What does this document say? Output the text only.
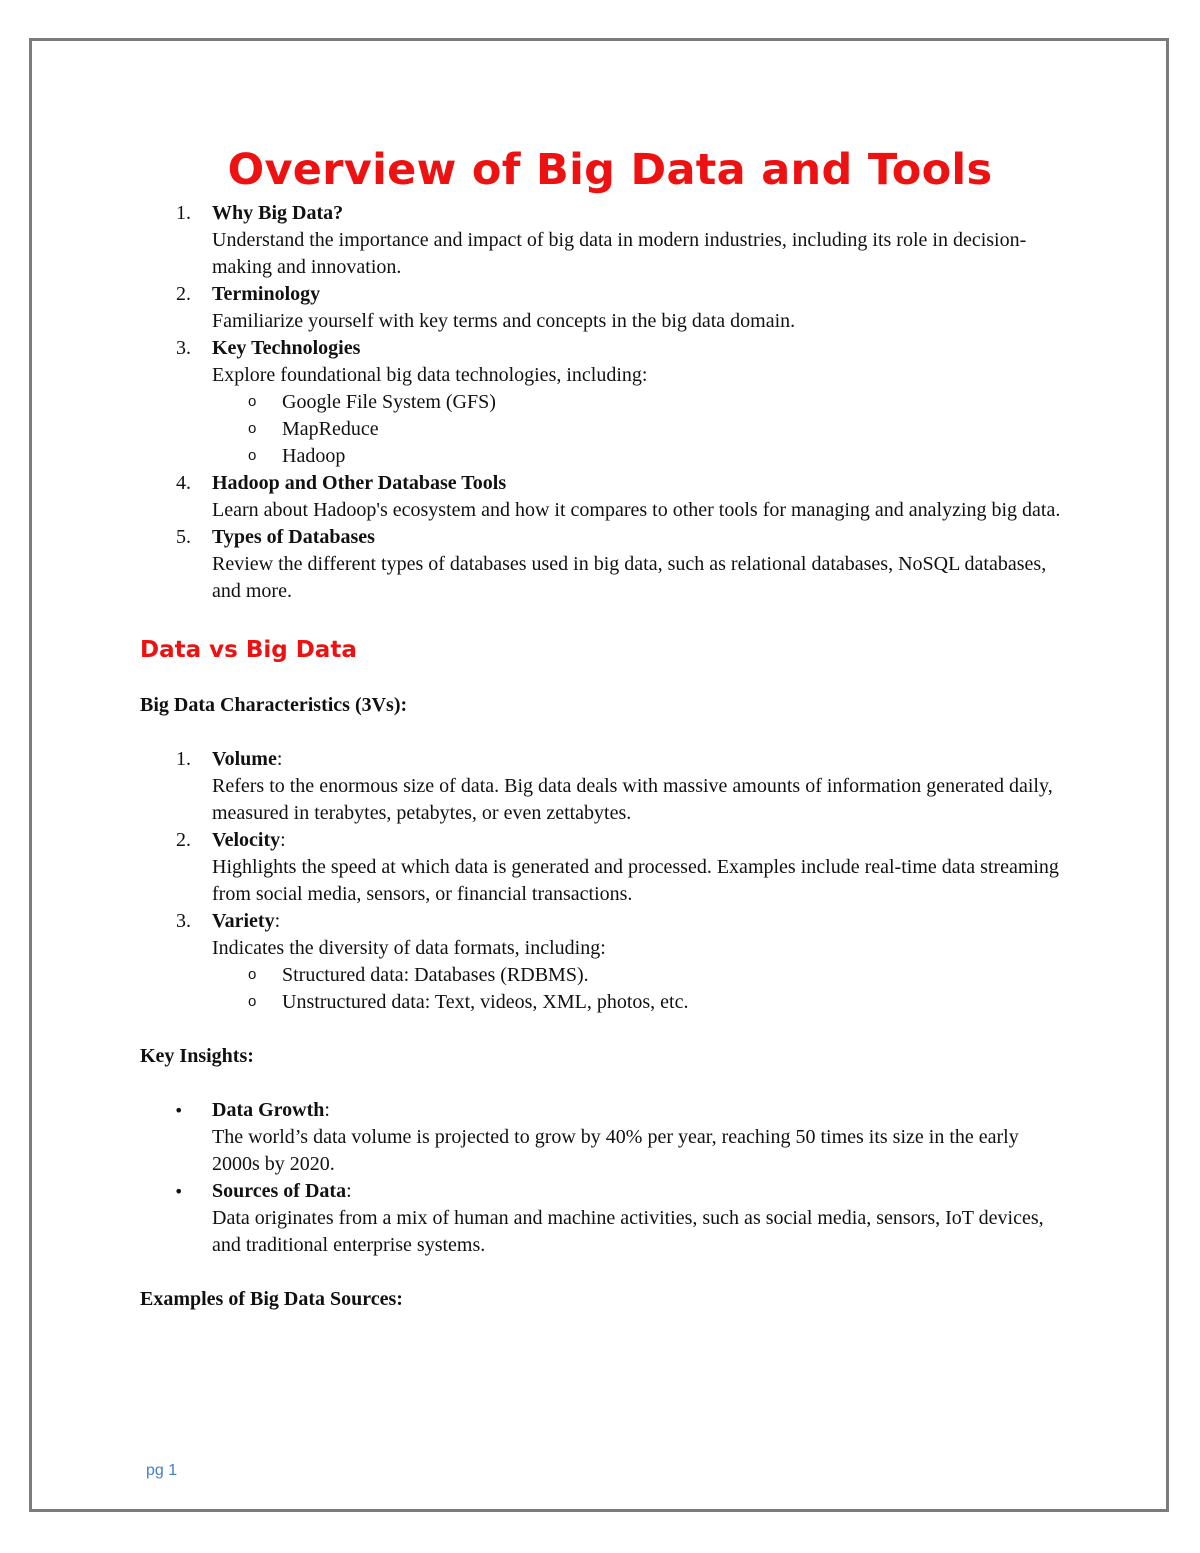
Overview of Big Data and Tools
1. Why Big Data?
Understand the importance and impact of big data in modern industries, including its role in decision-making and innovation.
2. Terminology
Familiarize yourself with key terms and concepts in the big data domain.
3. Key Technologies
Explore foundational big data technologies, including:
o Google File System (GFS)
o MapReduce
o Hadoop
4. Hadoop and Other Database Tools
Learn about Hadoop's ecosystem and how it compares to other tools for managing and analyzing big data.
5. Types of Databases
Review the different types of databases used in big data, such as relational databases, NoSQL databases, and more.
Data vs Big Data
Big Data Characteristics (3Vs):
1. Volume:
Refers to the enormous size of data. Big data deals with massive amounts of information generated daily, measured in terabytes, petabytes, or even zettabytes.
2. Velocity:
Highlights the speed at which data is generated and processed. Examples include real-time data streaming from social media, sensors, or financial transactions.
3. Variety:
Indicates the diversity of data formats, including:
o Structured data: Databases (RDBMS).
o Unstructured data: Text, videos, XML, photos, etc.
Key Insights:
• Data Growth:
The world’s data volume is projected to grow by 40% per year, reaching 50 times its size in the early 2000s by 2020.
• Sources of Data:
Data originates from a mix of human and machine activities, such as social media, sensors, IoT devices, and traditional enterprise systems.
Examples of Big Data Sources:
pg 1
